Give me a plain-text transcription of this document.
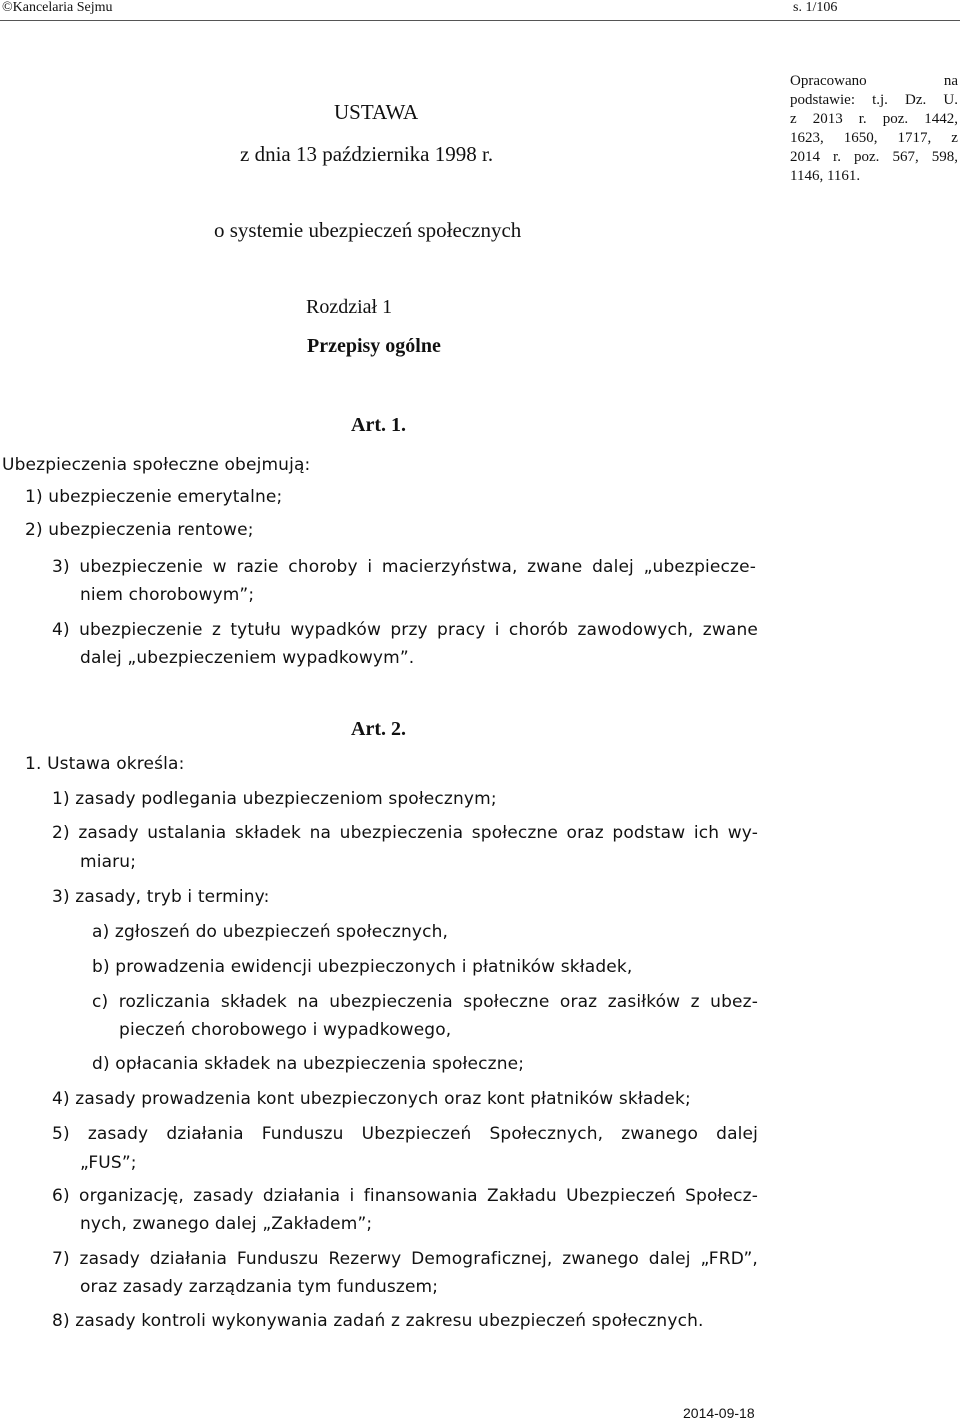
©Kancelaria Sejmu	s. 1/106
USTAWA
z dnia 13 października 1998 r.
o systemie ubezpieczeń społecznych
Opracowano	na
podstawie: t.j. Dz. U.
z 2013 r. poz. 1442,
1623, 1650, 1717, z
2014 r. poz. 567, 598,
1146, 1161.
Rozdział 1
Przepisy ogólne
Art. 1.
Ubezpieczenia społeczne obejmują:
1) ubezpieczenie emerytalne;
2) ubezpieczenia rentowe;
3) ubezpieczenie w razie choroby i macierzyństwa, zwane dalej „ubezpiecze-
niem chorobowym”;
4) ubezpieczenie z tytułu wypadków przy pracy i chorób zawodowych, zwane
dalej „ubezpieczeniem wypadkowym”.
Art. 2.
1. Ustawa określa:
1) zasady podlegania ubezpieczeniom społecznym;
2) zasady ustalania składek na ubezpieczenia społeczne oraz podstaw ich wy-
miaru;
3) zasady, tryb i terminy:
a) zgłoszeń do ubezpieczeń społecznych,
b) prowadzenia ewidencji ubezpieczonych i płatników składek,
c) rozliczania składek na ubezpieczenia społeczne oraz zasiłków z ubez-
pieczeń chorobowego i wypadkowego,
d) opłacania składek na ubezpieczenia społeczne;
4) zasady prowadzenia kont ubezpieczonych oraz kont płatników składek;
5) zasady działania Funduszu Ubezpieczeń Społecznych, zwanego dalej
„FUS”;
6) organizację, zasady działania i finansowania Zakładu Ubezpieczeń Społecz-
nych, zwanego dalej „Zakładem”;
7) zasady działania Funduszu Rezerwy Demograficznej, zwanego dalej „FRD”,
oraz zasady zarządzania tym funduszem;
8) zasady kontroli wykonywania zadań z zakresu ubezpieczeń społecznych.
2014-09-18
